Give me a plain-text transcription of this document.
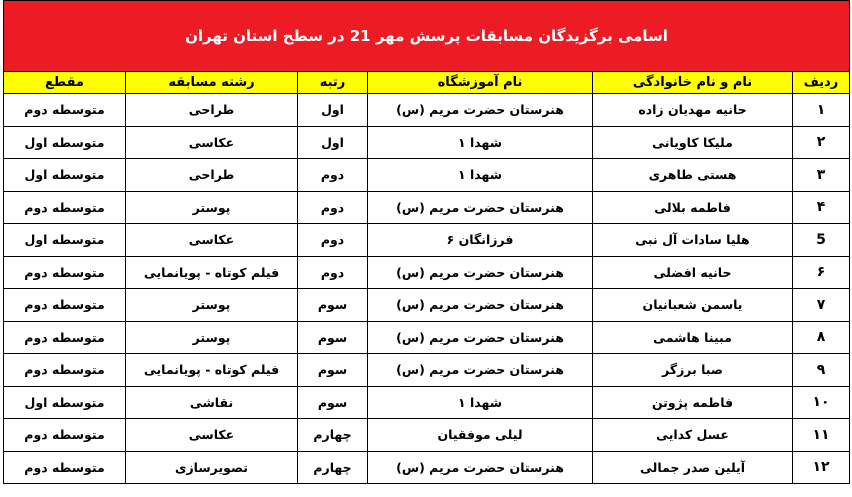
اسامی برگزیدگان مسابقات پرسش مهر 21 در سطح استان تهران					
ردیف	نام و نام خانوادگی	نام آموزشگاه	رتبه	رشته مسابقه	مقطع
۱	حانیه مهدیان زاده	هنرستان حضرت مریم (س)	اول	طراحی	متوسطه دوم
۲	ملیکا کاویانی	شهدا ۱	اول	عکاسی	متوسطه اول
۳	هستی طاهری	شهدا ۱	دوم	طراحی	متوسطه اول
۴	فاطمه بلالی	هنرستان حضرت مریم (س)	دوم	پوستر	متوسطه دوم
5	هلیا سادات آل نبی	فرزانگان ۶	دوم	عکاسی	متوسطه اول
۶	حانیه افضلی	هنرستان حضرت مریم (س)	دوم	فیلم کوتاه - پویانمایی	متوسطه دوم
۷	یاسمن شعبانیان	هنرستان حضرت مریم (س)	سوم	پوستر	متوسطه دوم
۸	مبینا هاشمی	هنرستان حضرت مریم (س)	سوم	پوستر	متوسطه دوم
۹	صبا برزگر	هنرستان حضرت مریم (س)	سوم	فیلم کوتاه - پویانمایی	متوسطه دوم
۱۰	فاطمه پژوتن	شهدا ۱	سوم	نقاشی	متوسطه اول
۱۱	عسل کدایی	لیلی موفقیان	چهارم	عکاسی	متوسطه دوم
۱۲	آیلین صدر جمالی	هنرستان حضرت مریم (س)	چهارم	تصویرسازی	متوسطه دوم
